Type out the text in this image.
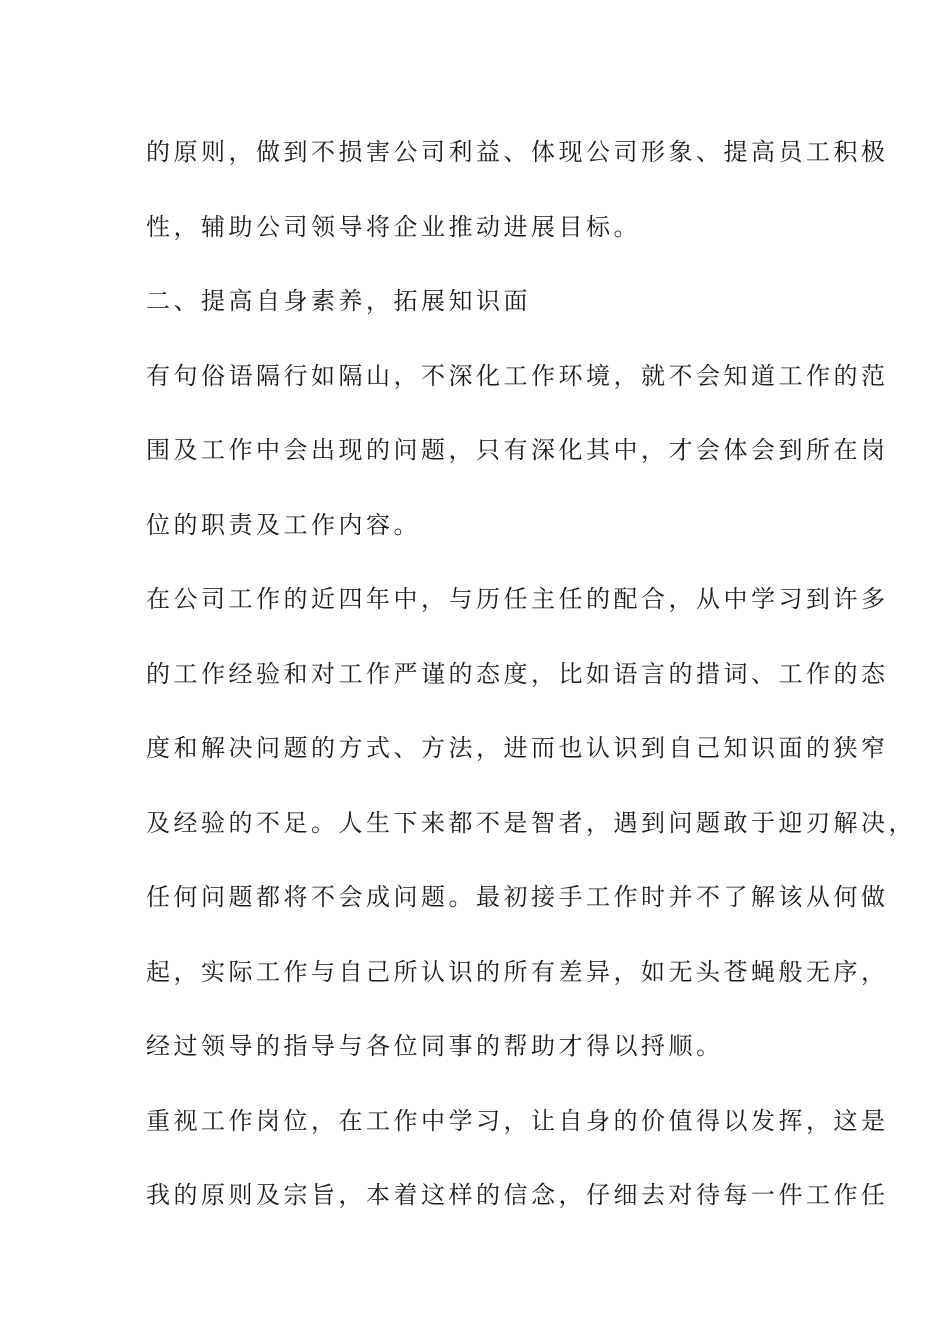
的原则，做到不损害公司利益、体现公司形象、提高员工积极
性，辅助公司领导将企业推动进展目标。
二、提高自身素养，拓展知识面
有句俗语隔行如隔山，不深化工作环境，就不会知道工作的范
围及工作中会出现的问题，只有深化其中，才会体会到所在岗
位的职责及工作内容。
在公司工作的近四年中，与历任主任的配合，从中学习到许多
的工作经验和对工作严谨的态度，比如语言的措词、工作的态
度和解决问题的方式、方法，进而也认识到自己知识面的狭窄
及经验的不足。人生下来都不是智者，遇到问题敢于迎刃解决，
任何问题都将不会成问题。最初接手工作时并不了解该从何做
起，实际工作与自己所认识的所有差异，如无头苍蝇般无序，
经过领导的指导与各位同事的帮助才得以捋顺。
重视工作岗位，在工作中学习，让自身的价值得以发挥，这是
我的原则及宗旨，本着这样的信念，仔细去对待每一件工作任
